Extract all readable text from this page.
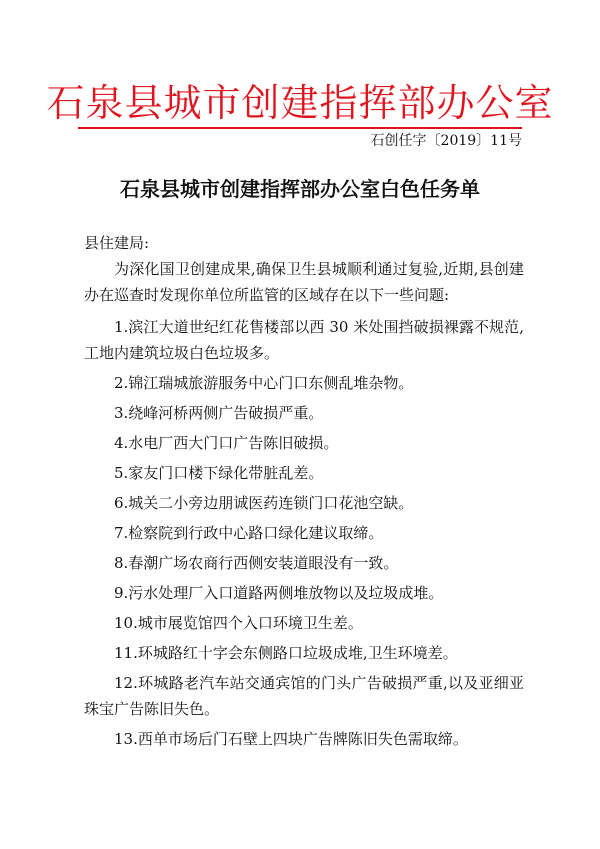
石泉县城市创建指挥部办公室
石创任字〔2019〕11号
石泉县城市创建指挥部办公室白色任务单

县住建局:

为深化国卫创建成果,确保卫生县城顺利通过复验,近期,县创建办在巡查时发现你单位所监管的区域存在以下一些问题:

1.滨江大道世纪红花售楼部以西 30 米处围挡破损裸露不规范,工地内建筑垃圾白色垃圾多。
2.锦江瑞城旅游服务中心门口东侧乱堆杂物。
3.绕峰河桥两侧广告破损严重。
4.水电厂西大门口广告陈旧破损。
5.家友门口楼下绿化带脏乱差。
6.城关二小旁边朋诚医药连锁门口花池空缺。
7.检察院到行政中心路口绿化建议取缔。
8.春潮广场农商行西侧安装道眼没有一致。
9.污水处理厂入口道路两侧堆放物以及垃圾成堆。
10.城市展览馆四个入口环境卫生差。
11.环城路红十字会东侧路口垃圾成堆,卫生环境差。
12.环城路老汽车站交通宾馆的门头广告破损严重,以及亚细亚珠宝广告陈旧失色。
13.西单市场后门石壁上四块广告牌陈旧失色需取缔。
